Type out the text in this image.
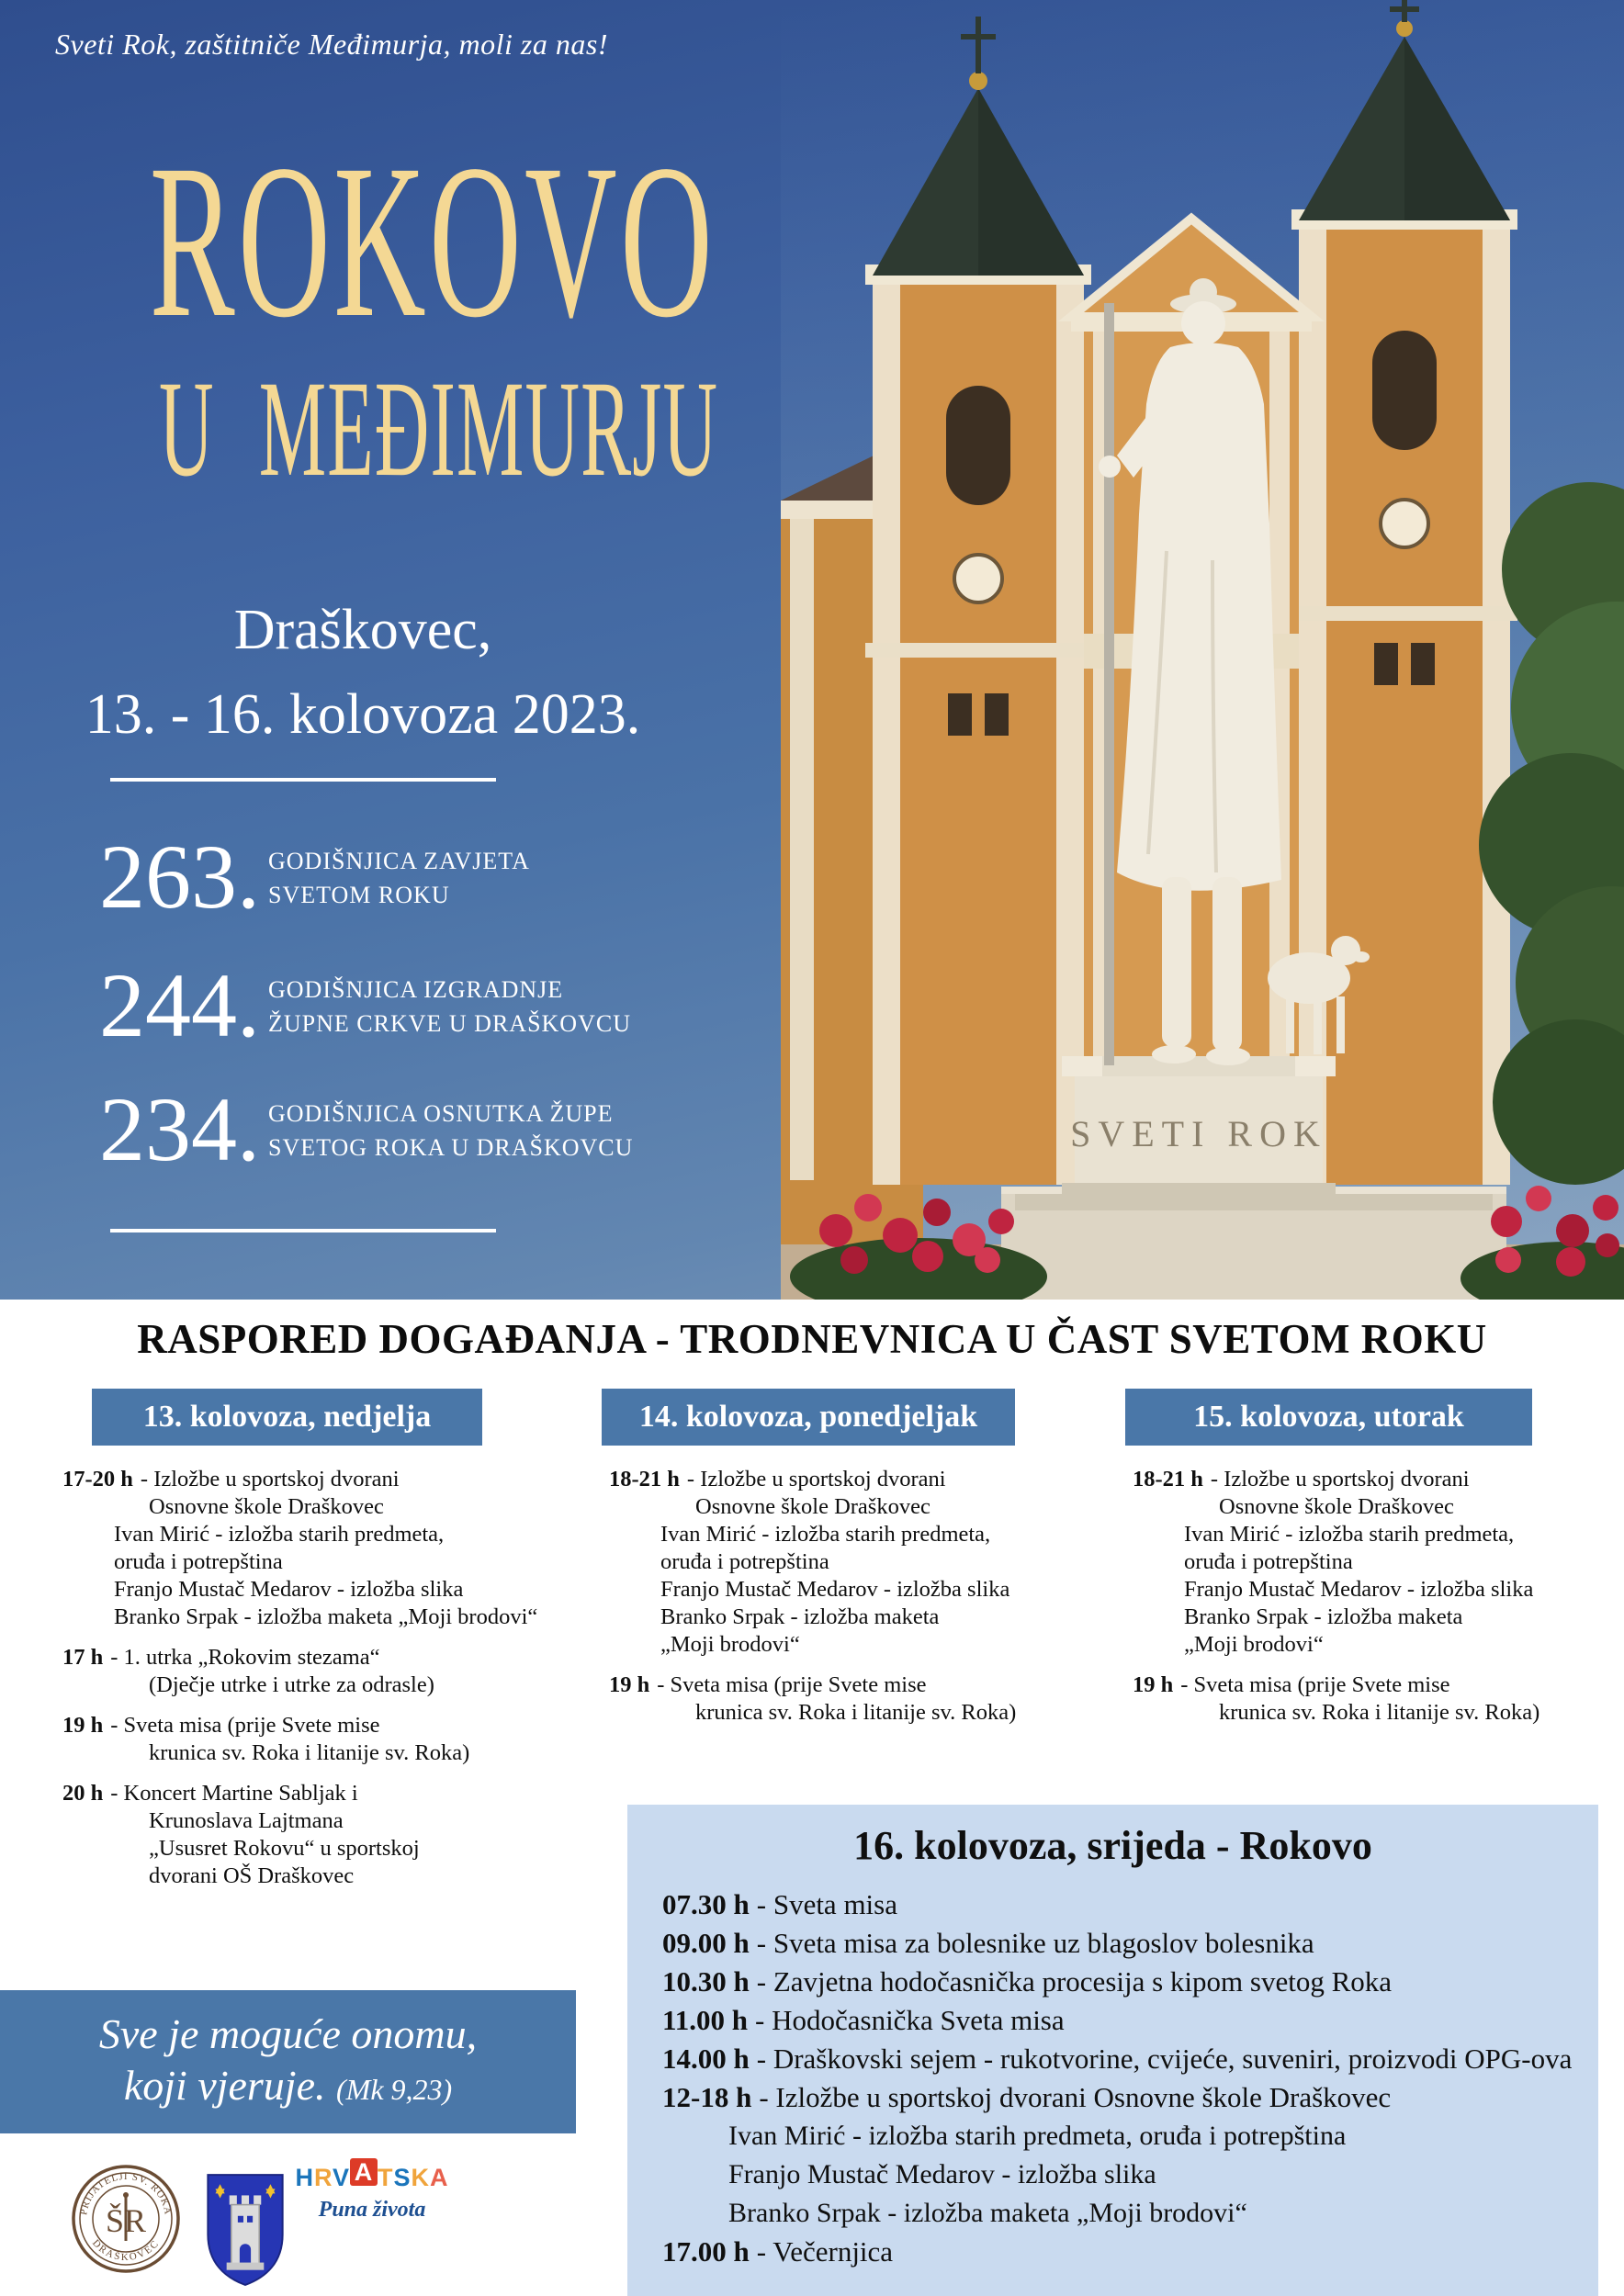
SVETI ROK
Sveti Rok, zaštitniče Međimurja, moli za nas!
ROKOVO
U MEĐIMURJU
Draškovec,
13. - 16. kolovoza 2023.
263. GODIŠNJICA ZAVJETA
SVETOM ROKU
244. GODIŠNJICA IZGRADNJE
ŽUPNE CRKVE U DRAŠKOVCU
234. GODIŠNJICA OSNUTKA ŽUPE
SVETOG ROKA U DRAŠKOVCU
RASPORED DOGAĐANJA - TRODNEVNICA U ČAST SVETOM ROKU
13. kolovoza, nedjelja
17-20 h - Izložbe u sportskoj dvorani
Osnovne škole Draškovec
Ivan Mirić - izložba starih predmeta,
oruđa i potrepština
Franjo Mustač Medarov - izložba slika
Branko Srpak - izložba maketa „Moji brodovi“
17 h - 1. utrka „Rokovim stezama“
(Dječje utrke i utrke za odrasle)
19 h - Sveta misa (prije Svete mise
krunica sv. Roka i litanije sv. Roka)
20 h - Koncert Martine Sabljak i
Krunoslava Lajtmana
„Ususret Rokovu“ u sportskoj
dvorani OŠ Draškovec
14. kolovoza, ponedjeljak
18-21 h - Izložbe u sportskoj dvorani
Osnovne škole Draškovec
Ivan Mirić - izložba starih predmeta,
oruđa i potrepština
Franjo Mustač Medarov - izložba slika
Branko Srpak - izložba maketa
„Moji brodovi“
19 h - Sveta misa (prije Svete mise
krunica sv. Roka i litanije sv. Roka)
15. kolovoza, utorak
18-21 h - Izložbe u sportskoj dvorani
Osnovne škole Draškovec
Ivan Mirić - izložba starih predmeta,
oruđa i potrepština
Franjo Mustač Medarov - izložba slika
Branko Srpak - izložba maketa
„Moji brodovi“
19 h - Sveta misa (prije Svete mise
krunica sv. Roka i litanije sv. Roka)
Sve je moguće onomu,
koji vjeruje. (Mk 9,23)
16. kolovoza, srijeda - Rokovo
07.30 h - Sveta misa
09.00 h - Sveta misa za bolesnike uz blagoslov bolesnika
10.30 h - Zavjetna hodočasnička procesija s kipom svetog Roka
11.00 h - Hodočasnička Sveta misa
14.00 h - Draškovski sejem - rukotvorine, cvijeće, suveniri, proizvodi OPG-ova
12-18 h - Izložbe u sportskoj dvorani Osnovne škole Draškovec
Ivan Mirić - izložba starih predmeta, oruđa i potrepština
Franjo Mustač Medarov - izložba slika
Branko Srpak - izložba maketa „Moji brodovi“
17.00 h - Večernjica
PRIJATELJI SV. ROKA
DRAŠKOVEC
ŠR
HRV A TSKA
Puna života
